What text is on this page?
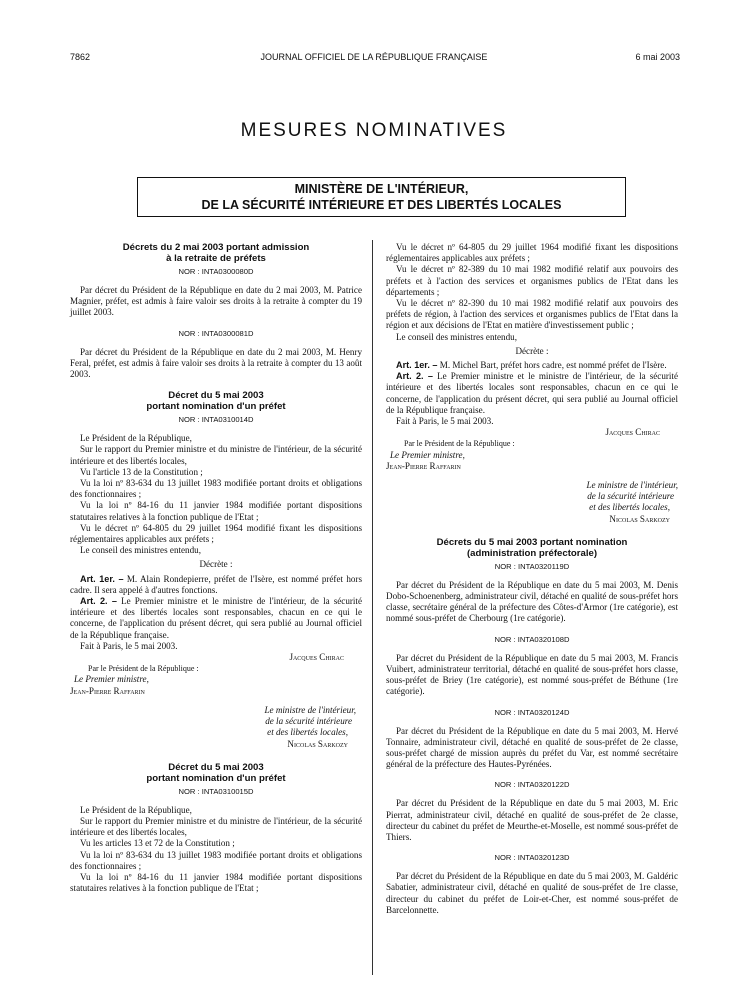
7862	JOURNAL OFFICIEL DE LA RÉPUBLIQUE FRANÇAISE	6 mai 2003
MESURES NOMINATIVES
MINISTÈRE DE L'INTÉRIEUR,
DE LA SÉCURITÉ INTÉRIEURE ET DES LIBERTÉS LOCALES
Décrets du 2 mai 2003 portant admission
à la retraite de préfets
NOR : INTA0300080D

Par décret du Président de la République en date du 2 mai 2003, M. Patrice Magnier, préfet, est admis à faire valoir ses droits à la retraite à compter du 19 juillet 2003.

NOR : INTA0300081D

Par décret du Président de la République en date du 2 mai 2003, M. Henry Feral, préfet, est admis à faire valoir ses droits à la retraite à compter du 13 août 2003.

Décret du 5 mai 2003
portant nomination d'un préfet
NOR : INTA0310014D

Le Président de la République,

Sur le rapport du Premier ministre et du ministre de l'intérieur, de la sécurité intérieure et des libertés locales,

Vu l'article 13 de la Constitution ;

Vu la loi nº 83-634 du 13 juillet 1983 modifiée portant droits et obligations des fonctionnaires ;

Vu la loi nº 84-16 du 11 janvier 1984 modifiée portant dispositions statutaires relatives à la fonction publique de l'Etat ;

Vu le décret nº 64-805 du 29 juillet 1964 modifié fixant les dispositions réglementaires applicables aux préfets ;

Le conseil des ministres entendu,

Décrète :

Art. 1er. – M. Alain Rondepierre, préfet de l'Isère, est nommé préfet hors cadre. Il sera appelé à d'autres fonctions.

Art. 2. – Le Premier ministre et le ministre de l'intérieur, de la sécurité intérieure et des libertés locales sont responsables, chacun en ce qui le concerne, de l'application du présent décret, qui sera publié au Journal officiel de la République française.

Fait à Paris, le 5 mai 2003.

Jacques Chirac

Par le Président de la République :

Le Premier ministre,

Jean-Pierre Raffarin

Le ministre de l'intérieur,

de la sécurité intérieure

et des libertés locales,

Nicolas Sarkozy

Décret du 5 mai 2003
portant nomination d'un préfet
NOR : INTA0310015D

Le Président de la République,

Sur le rapport du Premier ministre et du ministre de l'intérieur, de la sécurité intérieure et des libertés locales,

Vu les articles 13 et 72 de la Constitution ;

Vu la loi nº 83-634 du 13 juillet 1983 modifiée portant droits et obligations des fonctionnaires ;

Vu la loi nº 84-16 du 11 janvier 1984 modifiée portant dispositions statutaires relatives à la fonction publique de l'Etat ;

Vu le décret nº 64-805 du 29 juillet 1964 modifié fixant les dispositions réglementaires applicables aux préfets ;

Vu le décret nº 82-389 du 10 mai 1982 modifié relatif aux pouvoirs des préfets et à l'action des services et organismes publics de l'Etat dans les départements ;

Vu le décret nº 82-390 du 10 mai 1982 modifié relatif aux pouvoirs des préfets de région, à l'action des services et organismes publics de l'Etat dans la région et aux décisions de l'Etat en matière d'investissement public ;

Le conseil des ministres entendu,

Décrète :

Art. 1er. – M. Michel Bart, préfet hors cadre, est nommé préfet de l'Isère.

Art. 2. – Le Premier ministre et le ministre de l'intérieur, de la sécurité intérieure et des libertés locales sont responsables, chacun en ce qui le concerne, de l'application du présent décret, qui sera publié au Journal officiel de la République française.

Fait à Paris, le 5 mai 2003.

Jacques Chirac

Par le Président de la République :

Le Premier ministre,

Jean-Pierre Raffarin

Le ministre de l'intérieur,

de la sécurité intérieure

et des libertés locales,

Nicolas Sarkozy

Décrets du 5 mai 2003 portant nomination
(administration préfectorale)
NOR : INTA0320119D

Par décret du Président de la République en date du 5 mai 2003, M. Denis Dobo-Schoenenberg, administrateur civil, détaché en qualité de sous-préfet hors classe, secrétaire général de la préfecture des Côtes-d'Armor (1re catégorie), est nommé sous-préfet de Cherbourg (1re catégorie).

NOR : INTA0320108D

Par décret du Président de la République en date du 5 mai 2003, M. Francis Vuibert, administrateur territorial, détaché en qualité de sous-préfet hors classe, sous-préfet de Briey (1re catégorie), est nommé sous-préfet de Béthune (1re catégorie).

NOR : INTA0320124D

Par décret du Président de la République en date du 5 mai 2003, M. Hervé Tonnaire, administrateur civil, détaché en qualité de sous-préfet de 2e classe, sous-préfet chargé de mission auprès du préfet du Var, est nommé secrétaire général de la préfecture des Hautes-Pyrénées.

NOR : INTA0320122D

Par décret du Président de la République en date du 5 mai 2003, M. Eric Pierrat, administrateur civil, détaché en qualité de sous-préfet de 2e classe, directeur du cabinet du préfet de Meurthe-et-Moselle, est nommé sous-préfet de Thiers.

NOR : INTA0320123D

Par décret du Président de la République en date du 5 mai 2003, M. Galdéric Sabatier, administrateur civil, détaché en qualité de sous-préfet de 1re classe, directeur du cabinet du préfet de Loir-et-Cher, est nommé sous-préfet de Barcelonnette.
